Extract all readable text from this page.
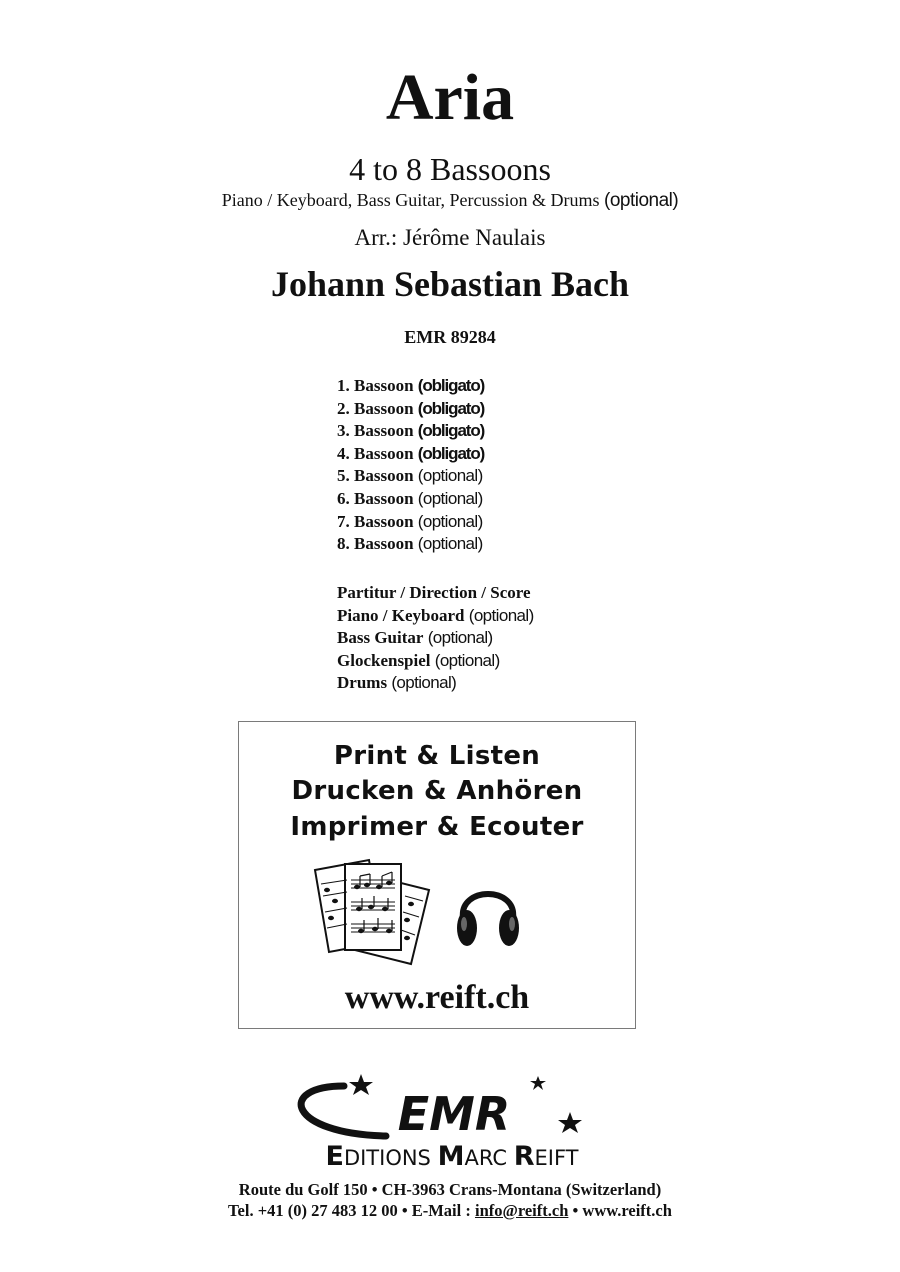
Aria
4 to 8 Bassoons
Piano / Keyboard, Bass Guitar, Percussion & Drums (optional)
Arr.: Jérôme Naulais
Johann Sebastian Bach
EMR 89284
1. Bassoon (obligato)
2. Bassoon (obligato)
3. Bassoon (obligato)
4. Bassoon (obligato)
5. Bassoon (optional)
6. Bassoon (optional)
7. Bassoon (optional)
8. Bassoon (optional)
Partitur / Direction / Score
Piano / Keyboard (optional)
Bass Guitar (optional)
Glockenspiel (optional)
Drums (optional)
Print & Listen
Drucken & Anhören
Imprimer & Ecouter
www.reift.ch
EMR
EDITIONS MARC REIFT
Route du Golf 150 • CH-3963 Crans-Montana (Switzerland)
Tel. +41 (0) 27 483 12 00 • E-Mail : info@reift.ch • www.reift.ch
